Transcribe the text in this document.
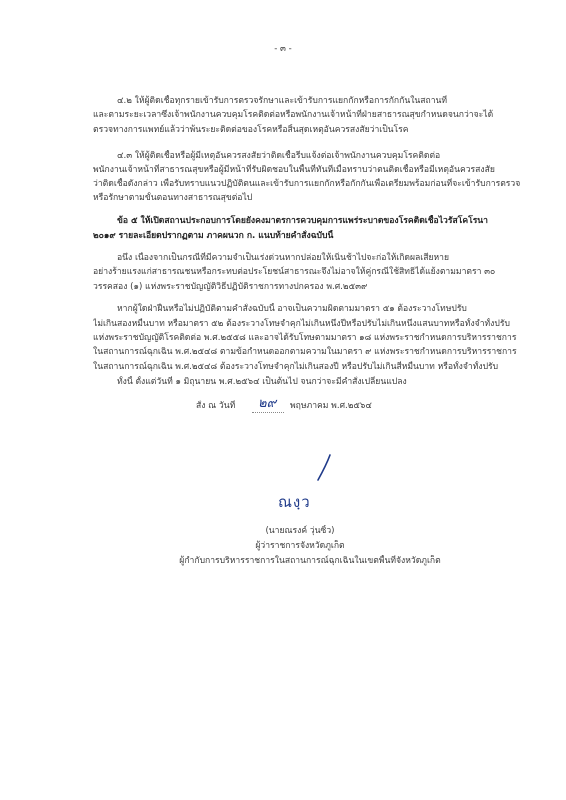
- ๓ -
๔.๒ ให้ผู้ติดเชื้อทุกรายเข้ารับการตรวจรักษาและเข้ารับการแยกกักหรือการกักกันในสถานที่
และตามระยะเวลาซึ่งเจ้าพนักงานควบคุมโรคติดต่อหรือพนักงานเจ้าหน้าที่ฝ่ายสาธารณสุขกำหนดจนกว่าจะได้
ตรวจทางการแพทย์แล้วว่าพ้นระยะติดต่อของโรคหรือสิ้นสุดเหตุอันควรสงสัยว่าเป็นโรค
๔.๓ ให้ผู้ติดเชื้อหรือผู้มีเหตุอันควรสงสัยว่าติดเชื้อรีบแจ้งต่อเจ้าพนักงานควบคุมโรคติดต่อ
พนักงานเจ้าหน้าที่สาธารณสุขหรือผู้มีหน้าที่รับผิดชอบในพื้นที่ทันทีเมื่อทราบว่าตนติดเชื้อหรือมีเหตุอันควรสงสัย
ว่าติดเชื้อดังกล่าว เพื่อรับทราบแนวปฏิบัติตนและเข้ารับการแยกกักหรือกักกันเพื่อเตรียมพร้อมก่อนที่จะเข้ารับการตรวจ
หรือรักษาตามขั้นตอนทางสาธารณสุขต่อไป
ข้อ ๕ ให้เปิดสถานประกอบการโดยยังคงมาตรการควบคุมการแพร่ระบาดของโรคติดเชื้อไวรัสโคโรนา
๒๐๑๙ รายละเอียดปรากฏตาม ภาคผนวก ก. แนบท้ายคำสั่งฉบับนี้
อนึ่ง เนื่องจากเป็นกรณีที่มีความจำเป็นเร่งด่วนหากปล่อยให้เนิ่นช้าไปจะก่อให้เกิดผลเสียหาย
อย่างร้ายแรงแก่สาธารณชนหรือกระทบต่อประโยชน์สาธารณะจึงไม่อาจให้คู่กรณีใช้สิทธิได้แย้งตามมาตรา ๓๐
วรรคสอง (๑) แห่งพระราชบัญญัติวิธีปฏิบัติราชการทางปกครอง พ.ศ.๒๕๓๙
หากผู้ใดฝ่าฝืนหรือไม่ปฏิบัติตามคำสั่งฉบับนี้ อาจเป็นความผิดตามมาตรา ๕๑ ต้องระวางโทษปรับ
ไม่เกินสองหมื่นบาท หรือมาตรา ๕๒ ต้องระวางโทษจำคุกไม่เกินหนึ่งปีหรือปรับไม่เกินหนึ่งแสนบาทหรือทั้งจำทั้งปรับ
แห่งพระราชบัญญัติโรคติดต่อ พ.ศ.๒๕๕๘ และอาจได้รับโทษตามมาตรา ๑๘ แห่งพระราชกำหนดการบริหารราชการ
ในสถานการณ์ฉุกเฉิน พ.ศ.๒๕๔๘ ตามข้อกำหนดออกตามความในมาตรา ๙ แห่งพระราชกำหนดการบริหารราชการ
ในสถานการณ์ฉุกเฉิน พ.ศ.๒๕๔๘ ต้องระวางโทษจำคุกไม่เกินสองปี หรือปรับไม่เกินสี่หมื่นบาท หรือทั้งจำทั้งปรับ
ทั้งนี้ ตั้งแต่วันที่ ๑ มิถุนายน พ.ศ.๒๕๖๔ เป็นต้นไป จนกว่าจะมีคำสั่งเปลี่ยนแปลง
สั่ง ณ วันที่	๒๙ พฤษภาคม พ.ศ.๒๕๖๔
ณงฺว
(นายณรงค์ วุ่นซิ้ว)
ผู้ว่าราชการจังหวัดภูเก็ต
ผู้กำกับการบริหารราชการในสถานการณ์ฉุกเฉินในเขตพื้นที่จังหวัดภูเก็ต
